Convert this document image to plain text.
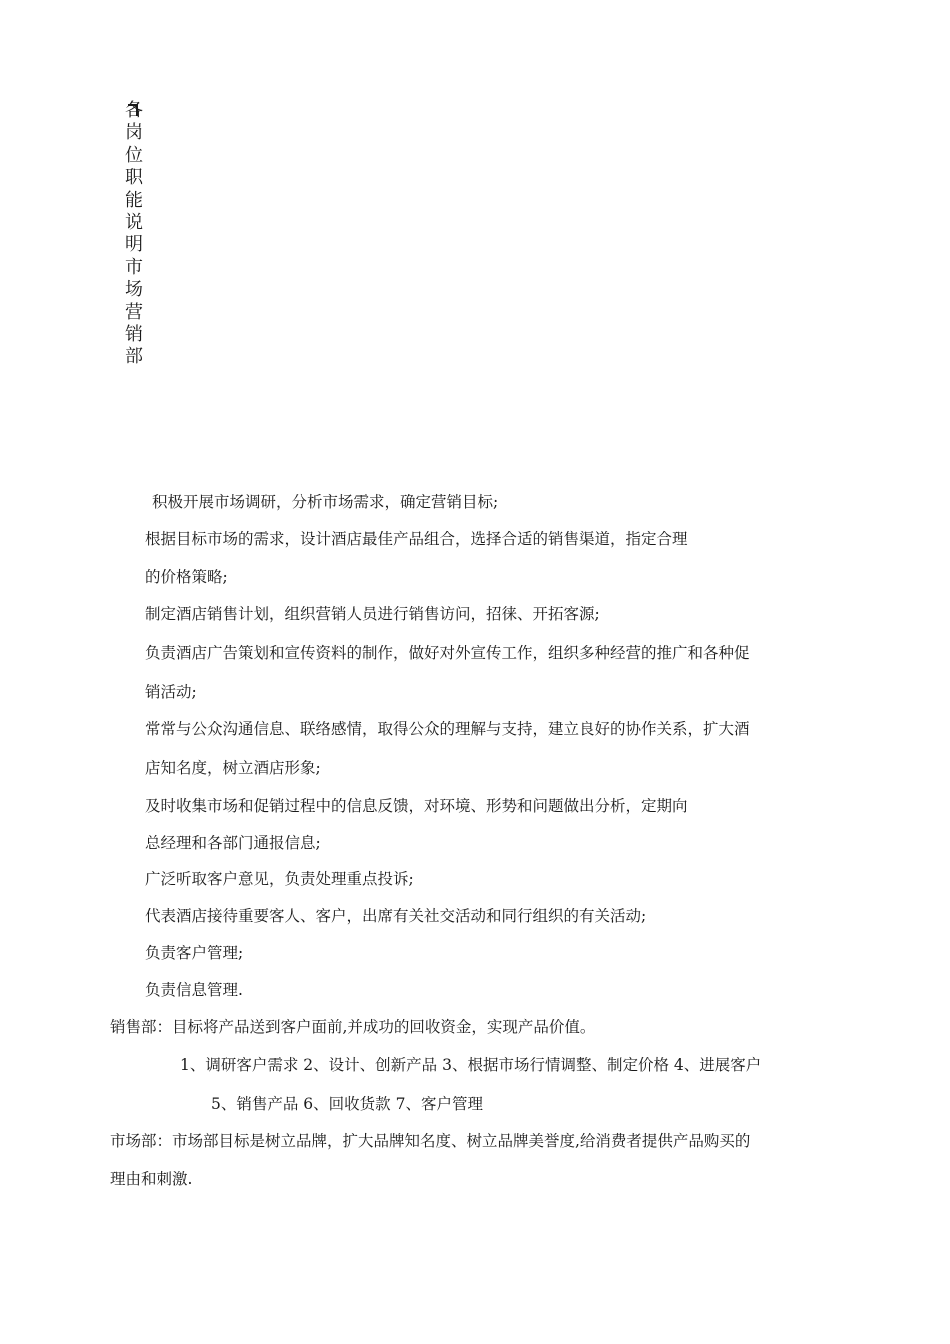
各岗位职能说明市场营销部
积极开展市场调研，分析市场需求，确定营销目标;
根据目标市场的需求，设计酒店最佳产品组合，选择合适的销售渠道，指定合理
的价格策略;
制定酒店销售计划，组织营销人员进行销售访问，招徕、开拓客源;
负责酒店广告策划和宣传资料的制作，做好对外宣传工作，组织多种经营的推广和各种促
销活动;
常常与公众沟通信息、联络感情，取得公众的理解与支持，建立良好的协作关系，扩大酒
店知名度，树立酒店形象;
及时收集市场和促销过程中的信息反馈，对环境、形势和问题做出分析，定期向
总经理和各部门通报信息;
广泛听取客户意见，负责处理重点投诉;
代表酒店接待重要客人、客户，出席有关社交活动和同行组织的有关活动;
负责客户管理;
负责信息管理.
销售部：目标将产品送到客户面前,并成功的回收资金，实现产品价值。
1、调研客户需求 2、设计、创新产品 3、根据市场行情调整、制定价格 4、进展客户
5、销售产品 6、回收货款 7、客户管理
市场部：市场部目标是树立品牌，扩大品牌知名度、树立品牌美誉度,给消费者提供产品购买的
理由和刺激.
